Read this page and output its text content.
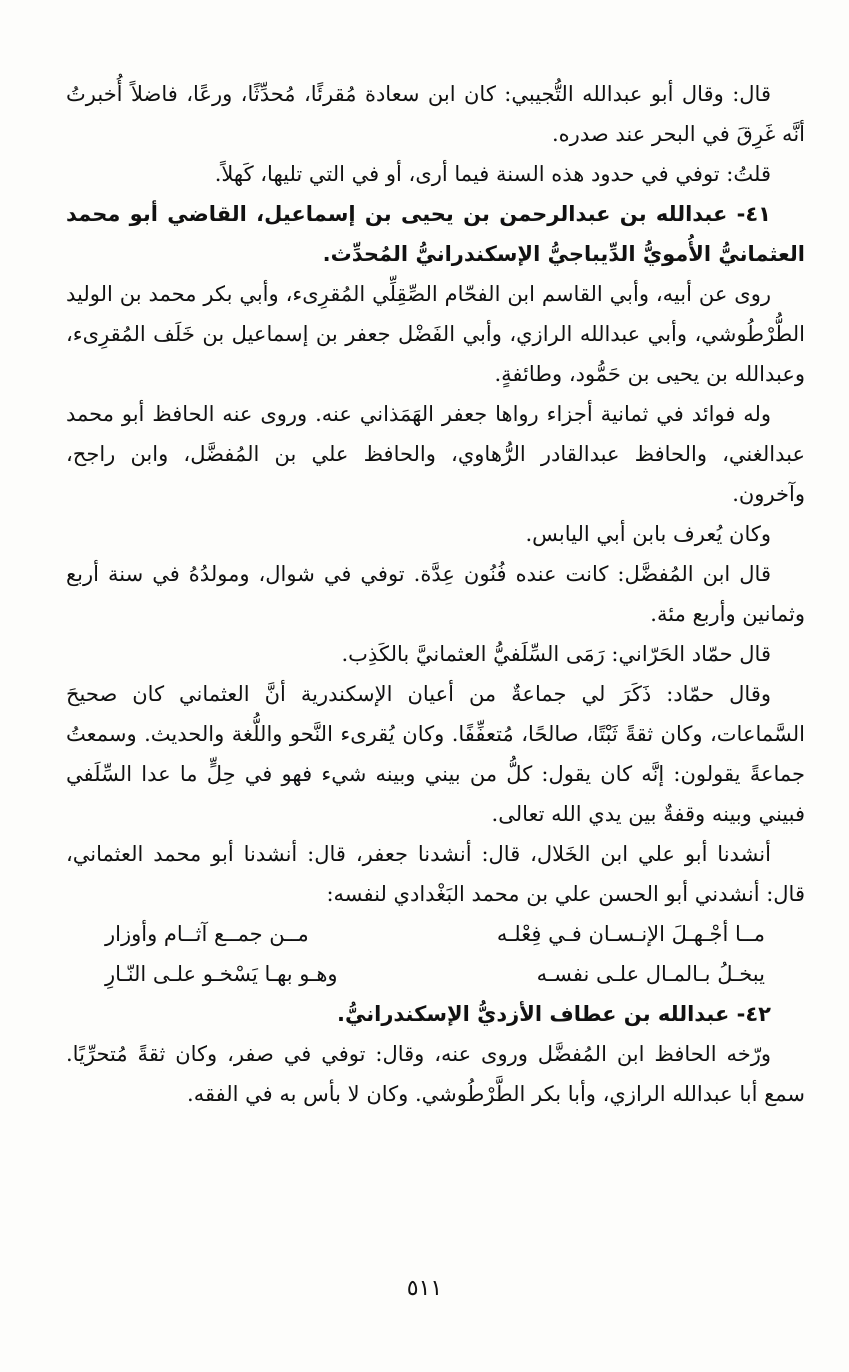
قال: وقال أبو عبدالله التُّجيبي: كان ابن سعادة مُقرئًا، مُحدِّثًا، ورعًا، فاضلاً أُخبرتُ أنَّه غَرِقَ في البحر عند صدره.

قلتُ: توفي في حدود هذه السنة فيما أرى، أو في التي تليها، كَهلاً.

٤١- عبدالله بن عبدالرحمن بن يحيى بن إسماعيل، القاضي أبو محمد العثمانيُّ الأُمويُّ الدِّيباجيُّ الإسكندرانيُّ المُحدِّث.

روى عن أبيه، وأبي القاسم ابن الفحّام الصِّقِلِّي المُقرِىء، وأبي بكر محمد بن الوليد الطُّرْطُوشي، وأبي عبدالله الرازي، وأبي الفَضْل جعفر بن إسماعيل بن خَلَف المُقرِىء، وعبدالله بن يحيى بن حَمُّود، وطائفةٍ.

وله فوائد في ثمانية أجزاء رواها جعفر الهَمَذاني عنه. وروى عنه الحافظ أبو محمد عبدالغني، والحافظ عبدالقادر الرُّهاوي، والحافظ علي بن المُفضَّل، وابن راجح، وآخرون.

وكان يُعرف بابن أبي اليابس.

قال ابن المُفضَّل: كانت عنده فُنُون عِدَّة. توفي في شوال، ومولدُهُ في سنة أربع وثمانين وأربع مئة.

قال حمّاد الحَرّاني: رَمَى السِّلَفيُّ العثمانيَّ بالكَذِب.

وقال حمّاد: ذَكَرَ لي جماعةٌ من أعيان الإسكندرية أنَّ العثماني كان صحيحَ السَّماعات، وكان ثقةً ثَبْتًا، صالحًا، مُتعفِّفًا. وكان يُقرىء النَّحو واللُّغة والحديث. وسمعتُ جماعةً يقولون: إنَّه كان يقول: كلُّ من بيني وبينه شيء فهو في حِلٍّ ما عدا السِّلَفي فبيني وبينه وقفةٌ بين يدي الله تعالى.

أنشدنا أبو علي ابن الخَلال، قال: أنشدنا جعفر، قال: أنشدنا أبو محمد العثماني، قال: أنشدني أبو الحسن علي بن محمد البَغْدادي لنفسه:

مــا أجْـهـلَ الإنـسـان فـي فِعْلـه
مــن جمــع آثــام وأوزار
يبخـلُ بـالمـال علـى نفسـه
وهـو بهـا يَسْخـو علـى النّـارِ

٤٢- عبدالله بن عطاف الأزديُّ الإسكندرانيُّ.

ورّخه الحافظ ابن المُفضَّل وروى عنه، وقال: توفي في صفر، وكان ثقةً مُتحرِّيًا. سمع أبا عبدالله الرازي، وأبا بكر الطَّرْطُوشي. وكان لا بأس به في الفقه.

٥١١
